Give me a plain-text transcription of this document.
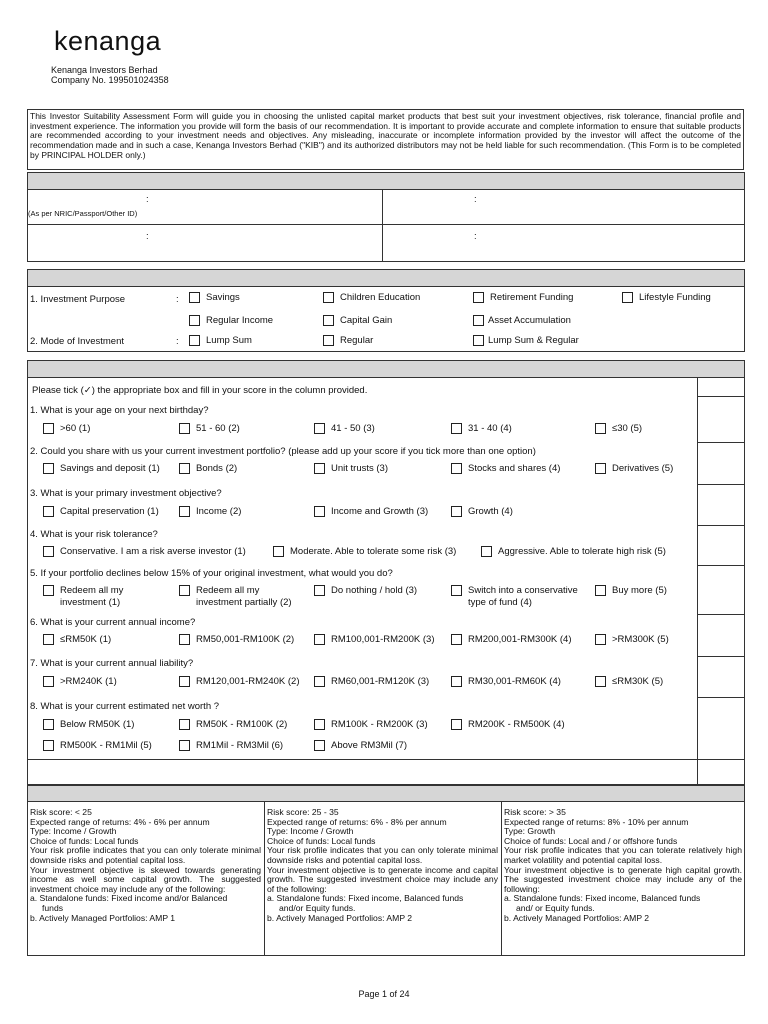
kenanga
Kenanga Investors Berhad
Company No. 199501024358
This Investor Suitability Assessment Form will guide you in choosing the unlisted capital market products that best suit your investment objectives, risk tolerance, financial profile and investment experience. The information you provide will form the basis of our recommendation. It is important to provide accurate and complete information to ensure that suitable products are recommended according to your investment needs and objectives. Any misleading, inaccurate or incomplete information provided by the investor will affect the outcome of the recommendation made and in such a case, Kenanga Investors Berhad ("KIB") and its authorized distributors may not be held liable for such recommendation. (This Form is to be completed by PRINCIPAL HOLDER only.)
:	:
(As per NRIC/Passport/Other ID)
:	:
1. Investment Purpose	:	Savings	Children Education	Retirement Funding	Lifestyle Funding
Regular Income	Capital Gain	Asset Accumulation
2. Mode of Investment	:	Lump Sum	Regular	Lump Sum & Regular
Please tick (✓) the appropriate box and fill in your score in the column provided.
1. What is your age on your next birthday?
>60 (1)	51 - 60 (2)	41 - 50 (3)	31 - 40 (4)	≤30 (5)
2. Could you share with us your current investment portfolio? (please add up your score if you tick more than one option)
Savings and deposit (1)	Bonds (2)	Unit trusts (3)	Stocks and shares (4)	Derivatives (5)
3. What is your primary investment objective?
Capital preservation (1)	Income (2)	Income and Growth (3)	Growth (4)
4. What is your risk tolerance?
Conservative. I am a risk averse investor (1)	Moderate. Able to tolerate some risk (3)	Aggressive. Able to tolerate high risk (5)
5. If your portfolio declines below 15% of your original investment, what would you do?
Redeem all my
investment (1)
Redeem all my
investment partially (2)
Do nothing / hold (3)	Switch into a conservative
type of fund (4)
Buy more (5)
6. What is your current annual income?
≤RM50K (1)	RM50,001-RM100K (2)	RM100,001-RM200K (3)	RM200,001-RM300K (4)	>RM300K (5)
7. What is your current annual liability?
>RM240K (1)	RM120,001-RM240K (2)	RM60,001-RM120K (3)	RM30,001-RM60K (4)	≤RM30K (5)
8. What is your current estimated net worth ?
Below RM50K (1)	RM50K - RM100K (2)	RM100K - RM200K (3)	RM200K - RM500K (4)
RM500K - RM1Mil (5)	RM1Mil - RM3Mil (6)	Above RM3Mil (7)

Risk score: < 25

Expected range of returns: 4% - 6% per annum

Type: Income / Growth

Choice of funds: Local funds

Your risk profile indicates that you can only tolerate minimal downside risks and potential capital loss.

Your investment objective is skewed towards generating income as well some capital growth. The suggested investment choice may include any of the following:

a. Standalone funds: Fixed income and/or Balanced

funds

b. Actively Managed Portfolios: AMP 1

Risk score: 25 - 35

Expected range of returns: 6% - 8% per annum

Type: Income / Growth

Choice of funds: Local funds

Your risk profile indicates that you can only tolerate minimal downside risks and potential capital loss.

Your investment objective is to generate income and capital growth. The suggested investment choice may include any of the following:

a. Standalone funds: Fixed income, Balanced funds

and/or Equity funds.

b. Actively Managed Portfolios: AMP 2

Risk score: > 35

Expected range of returns: 8% - 10% per annum

Type: Growth

Choice of funds: Local and / or offshore funds

Your risk profile indicates that you can tolerate relatively high market volatility and potential capital loss.

Your investment objective is to generate high capital growth. The suggested investment choice may include any of the following:

a. Standalone funds: Fixed income, Balanced funds

and/ or Equity funds.

b. Actively Managed Portfolios: AMP 2

Page 1 of 24
